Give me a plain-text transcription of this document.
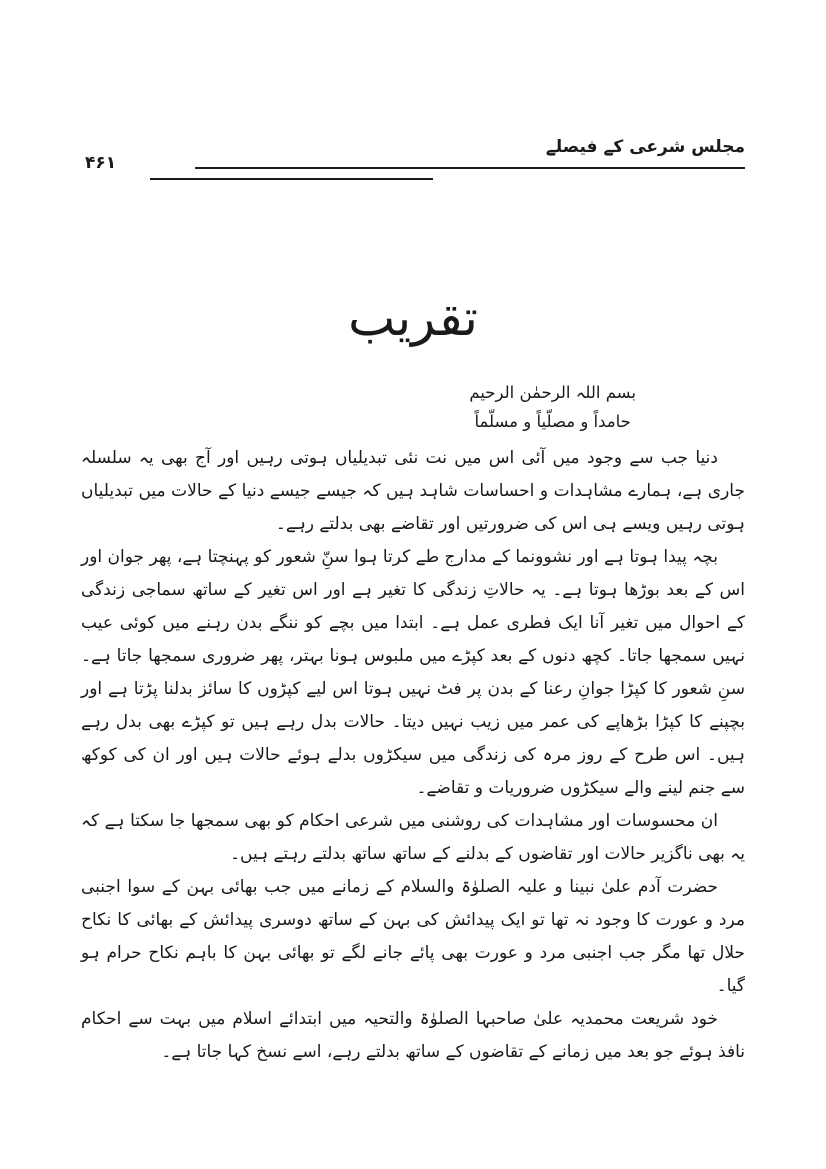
مجلس شرعی کے فیصلے
۴۶۱
تقریب
بسم اللہ الرحمٰن الرحیم
حامداً و مصلّیاً و مسلّماً

دنیا جب سے وجود میں آئی اس میں نت نئی تبدیلیاں ہوتی رہیں اور آج بھی یہ سلسلہ جاری ہے، ہمارے مشاہدات و احساسات شاہد ہیں کہ جیسے جیسے دنیا کے حالات میں تبدیلیاں ہوتی رہیں ویسے ہی اس کی ضرورتیں اور تقاضے بھی بدلتے رہے۔

بچہ پیدا ہوتا ہے اور نشوونما کے مدارج طے کرتا ہوا سنِّ شعور کو پہنچتا ہے، پھر جوان اور اس کے بعد بوڑھا ہوتا ہے۔ یہ حالاتِ زندگی کا تغیر ہے اور اس تغیر کے ساتھ سماجی زندگی کے احوال میں تغیر آنا ایک فطری عمل ہے۔ ابتدا میں بچے کو ننگے بدن رہنے میں کوئی عیب نہیں سمجھا جاتا۔ کچھ دنوں کے بعد کپڑے میں ملبوس ہونا بہتر، پھر ضروری سمجھا جاتا ہے۔ سنِ شعور کا کپڑا جوانِ رعنا کے بدن پر فٹ نہیں ہوتا اس لیے کپڑوں کا سائز بدلنا پڑتا ہے اور بچپنے کا کپڑا بڑھاپے کی عمر میں زیب نہیں دیتا۔ حالات بدل رہے ہیں تو کپڑے بھی بدل رہے ہیں۔ اس طرح کے روز مرہ کی زندگی میں سیکڑوں بدلے ہوئے حالات ہیں اور ان کی کوکھ سے جنم لینے والے سیکڑوں ضروریات و تقاضے۔

ان محسوسات اور مشاہدات کی روشنی میں شرعی احکام کو بھی سمجھا جا سکتا ہے کہ یہ بھی ناگزیر حالات اور تقاضوں کے بدلنے کے ساتھ ساتھ بدلتے رہتے ہیں۔

حضرت آدم علیٰ نبینا و علیہ الصلوٰۃ والسلام کے زمانے میں جب بھائی بہن کے سوا اجنبی مرد و عورت کا وجود نہ تھا تو ایک پیدائش کی بہن کے ساتھ دوسری پیدائش کے بھائی کا نکاح حلال تھا مگر جب اجنبی مرد و عورت بھی پائے جانے لگے تو بھائی بہن کا باہم نکاح حرام ہو گیا۔

خود شریعت محمدیہ علیٰ صاحبہا الصلوٰۃ والتحیہ میں ابتدائے اسلام میں بہت سے احکام نافذ ہوئے جو بعد میں زمانے کے تقاضوں کے ساتھ بدلتے رہے، اسے نسخ کہا جاتا ہے۔
